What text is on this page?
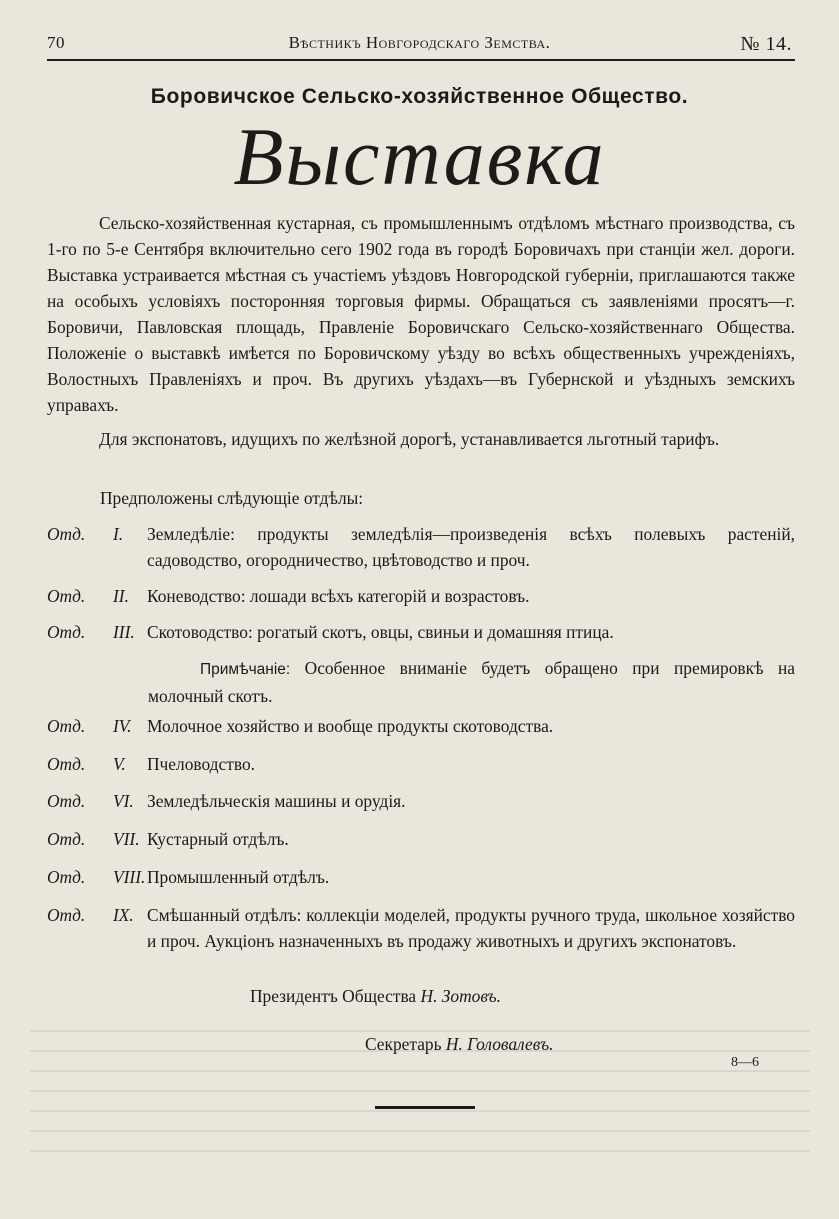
70	Вѣстникъ Новгородскаго Земства.	№ 14.
Боровичское Сельско-хозяйственное Общество.
Выставка
Сельско-хозяйственная кустарная, съ промышленнымъ отдѣломъ мѣстнаго производства, съ 1-го по 5-е Сентября включительно сего 1902 года въ городѣ Боровичахъ при станціи жел. дороги. Выставка устраивается мѣстная съ участіемъ уѣздовъ Новгородской губерніи, приглашаются также на особыхъ условіяхъ посторонняя торговыя фирмы. Обращаться съ заявленіями просятъ—г. Боровичи, Павловская площадь, Правленіе Боровичскаго Сельско-хозяйственнаго Общества. Положеніе о выставкѣ имѣется по Боровичскому уѣзду во всѣхъ общественныхъ учрежденіяхъ, Волостныхъ Правленіяхъ и проч. Въ другихъ уѣздахъ—въ Губернской и уѣздныхъ земскихъ управахъ.
Для экспонатовъ, идущихъ по желѣзной дорогѣ, устанавливается льготный тарифъ.
Предположены слѣдующіе отдѣлы:
Отд. I. Земледѣліе: продукты земледѣлія—произведенія всѣхъ полевыхъ растеній, садоводство, огородничество, цвѣтоводство и проч.
Отд. II. Коневодство: лошади всѣхъ категорій и возрастовъ.
Отд. III. Скотоводство: рогатый скотъ, овцы, свиньи и домашняя птица.
Примѣчаніе: Особенное вниманіе будетъ обращено при премировкѣ на молочный скотъ.
Отд. IV. Молочное хозяйство и вообще продукты скотоводства.
Отд. V. Пчеловодство.
Отд. VI. Земледѣльческія машины и орудія.
Отд. VII. Кустарный отдѣлъ.
Отд. VIII. Промышленный отдѣлъ.
Отд. IX. Смѣшанный отдѣлъ: коллекціи моделей, продукты ручного труда, школьное хозяйство и проч. Аукціонъ назначенныхъ въ продажу животныхъ и другихъ экспонатовъ.
Президентъ Общества Н. Зотовъ.
Секретарь Н. Головалевъ.
8—6
